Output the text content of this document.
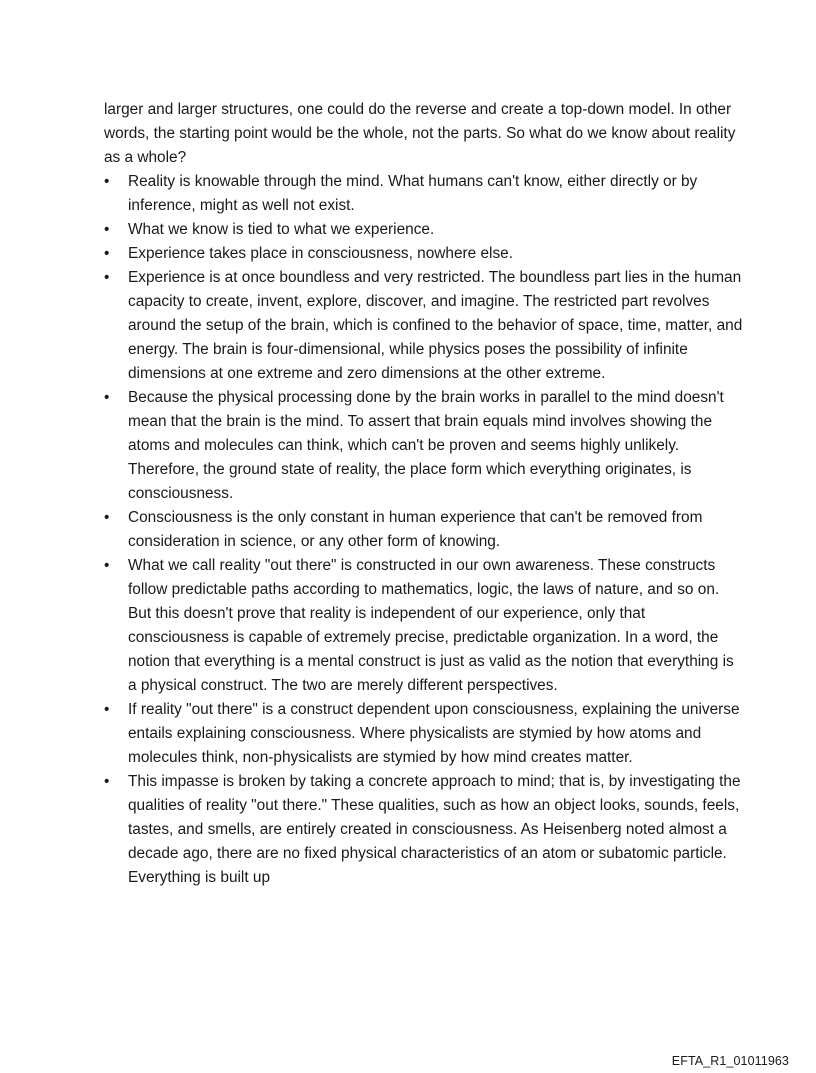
larger and larger structures, one could do the reverse and create a top-down model. In other words, the starting point would be the whole, not the parts. So what do we know about reality as a whole?

•	Reality is knowable through the mind. What humans can't know, either directly or by inference, might as well not exist.
•	What we know is tied to what we experience.
•	Experience takes place in consciousness, nowhere else.
•	Experience is at once boundless and very restricted. The boundless part lies in the human capacity to create, invent, explore, discover, and imagine. The restricted part revolves around the setup of the brain, which is confined to the behavior of space, time, matter, and energy. The brain is four-dimensional, while physics poses the possibility of infinite dimensions at one extreme and zero dimensions at the other extreme.
•	Because the physical processing done by the brain works in parallel to the mind doesn't mean that the brain is the mind. To assert that brain equals mind involves showing the atoms and molecules can think, which can't be proven and seems highly unlikely. Therefore, the ground state of reality, the place form which everything originates, is consciousness.
•	Consciousness is the only constant in human experience that can't be removed from consideration in science, or any other form of knowing.
•	What we call reality "out there" is constructed in our own awareness. These constructs follow predictable paths according to mathematics, logic, the laws of nature, and so on. But this doesn't prove that reality is independent of our experience, only that consciousness is capable of extremely precise, predictable organization. In a word, the notion that everything is a mental construct is just as valid as the notion that everything is a physical construct. The two are merely different perspectives.
•	If reality "out there" is a construct dependent upon consciousness, explaining the universe entails explaining consciousness. Where physicalists are stymied by how atoms and molecules think, non-physicalists are stymied by how mind creates matter.
•	This impasse is broken by taking a concrete approach to mind; that is, by investigating the qualities of reality "out there." These qualities, such as how an object looks, sounds, feels, tastes, and smells, are entirely created in consciousness. As Heisenberg noted almost a decade ago, there are no fixed physical characteristics of an atom or subatomic particle. Everything is built up
EFTA_R1_01011963
